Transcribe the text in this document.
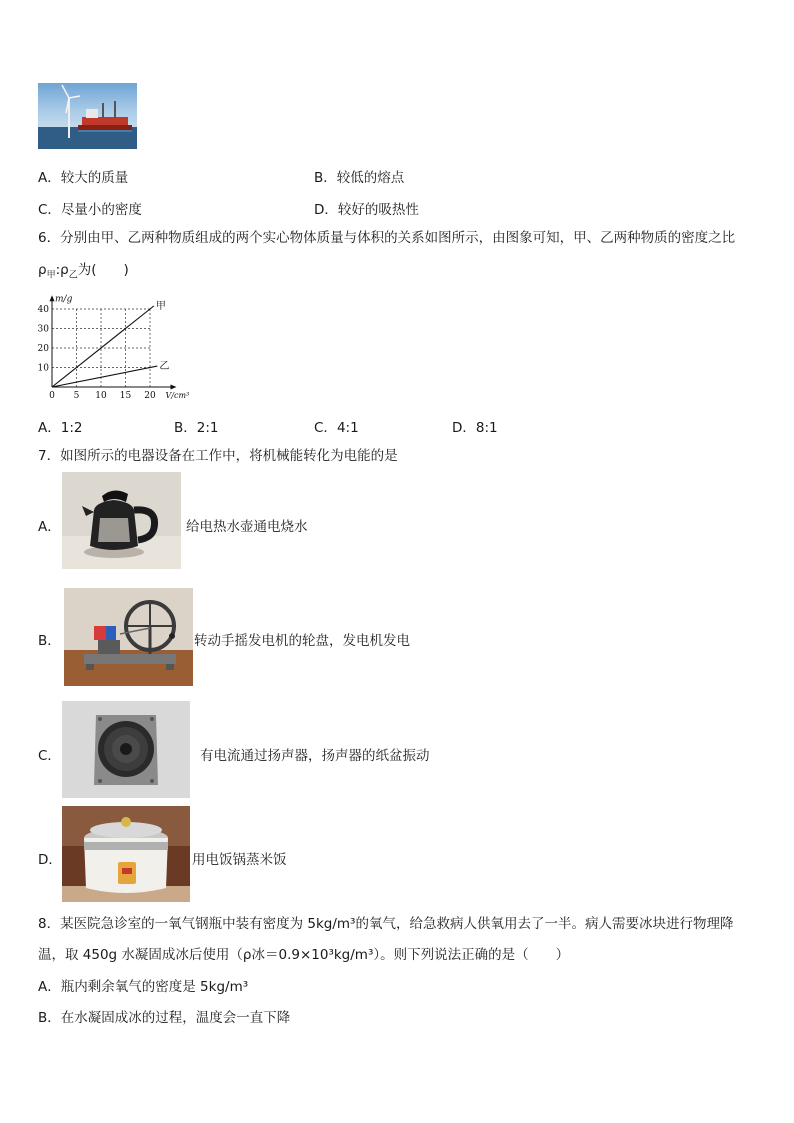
A．较大的质量	B．较低的熔点
C．尽量小的密度	D．较好的吸热性
6．分别由甲、乙两种物质组成的两个实心物体质量与体积的关系如图所示，由图象可知，甲、乙两种物质的密度之比
$\rho_甲:\rho_乙$为(　　)
0 5 10 15 20
10
20
30
40
m/g
V/cm³
甲
乙
A．1:2	B．2:1	C．4:1	D．8:1
7．如图所示的电器设备在工作中，将机械能转化为电能的是
A．	给电热水壶通电烧水
B．	转动手摇发电机的轮盘，发电机发电
C．	有电流通过扬声器，扬声器的纸盆振动
D．	用电饭锅蒸米饭
8．某医院急诊室的一氧气钢瓶中装有密度为 5kg/m³的氧气，给急救病人供氧用去了一半。病人需要冰块进行物理降
温，取 450g 水凝固成冰后使用（ρ冰＝0.9×10³kg/m³）。则下列说法正确的是（　　）
A．瓶内剩余氧气的密度是 5kg/m³
B．在水凝固成冰的过程，温度会一直下降
